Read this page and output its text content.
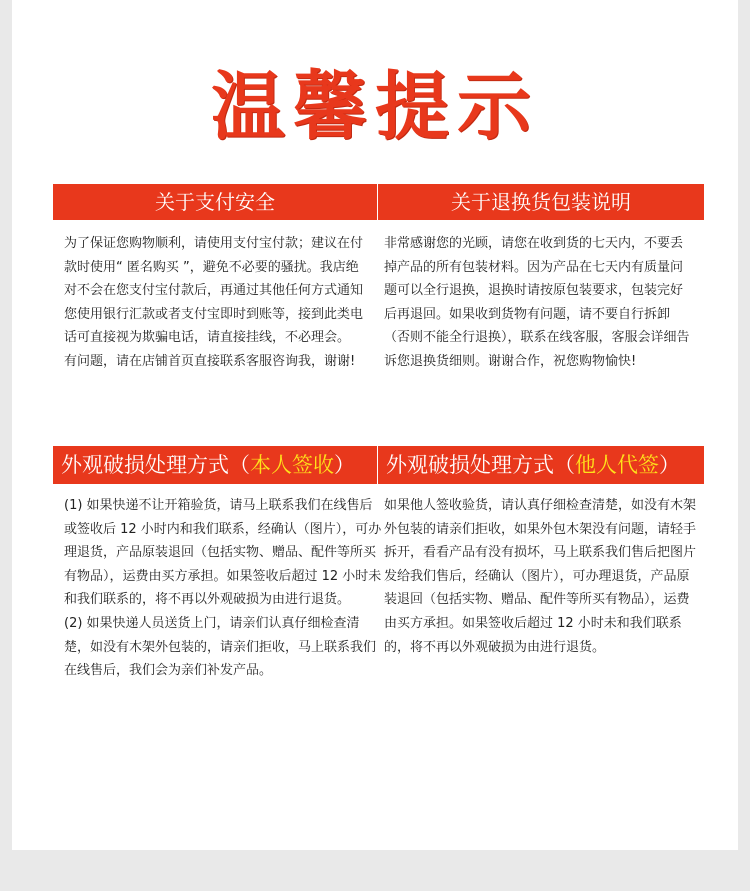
温馨提示
关于支付安全	关于退换货包装说明

为了保证您购物顺利，请使用支付宝付款；建议在付款时使用“ 匿名购买 ”，避免不必要的骚扰。我店绝对不会在您支付宝付款后，再通过其他任何方式通知您使用银行汇款或者支付宝即时到账等，接到此类电话可直接视为欺骗电话，请直接挂线，不必理会。

有问题，请在店铺首页直接联系客服咨询我，谢谢!

非常感谢您的光顾，请您在收到货的七天内，不要丢掉产品的所有包装材料。因为产品在七天内有质量问题可以全行退换，退换时请按原包装要求，包装完好后再退回。如果收到货物有问题，请不要自行拆卸（否则不能全行退换），联系在线客服，客服会详细告诉您退换货细则。谢谢合作，祝您购物愉快!

外观破损处理方式（本人签收）	外观破损处理方式（他人代签）

(1) 如果快递不让开箱验货，请马上联系我们在线售后或签收后 12 小时内和我们联系，经确认（图片），可办理退货，产品原装退回（包括实物、赠品、配件等所买有物品），运费由买方承担。如果签收后超过 12 小时未和我们联系的，将不再以外观破损为由进行退货。

(2) 如果快递人员送货上门，请亲们认真仔细检查清楚，如没有木架外包装的，请亲们拒收，马上联系我们在线售后，我们会为亲们补发产品。

如果他人签收验货，请认真仔细检查清楚，如没有木架外包装的请亲们拒收，如果外包木架没有问题，请轻手拆开，看看产品有没有损坏，马上联系我们售后把图片发给我们售后，经确认（图片），可办理退货，产品原装退回（包括实物、赠品、配件等所买有物品），运费由买方承担。如果签收后超过 12 小时未和我们联系的，将不再以外观破损为由进行退货。
